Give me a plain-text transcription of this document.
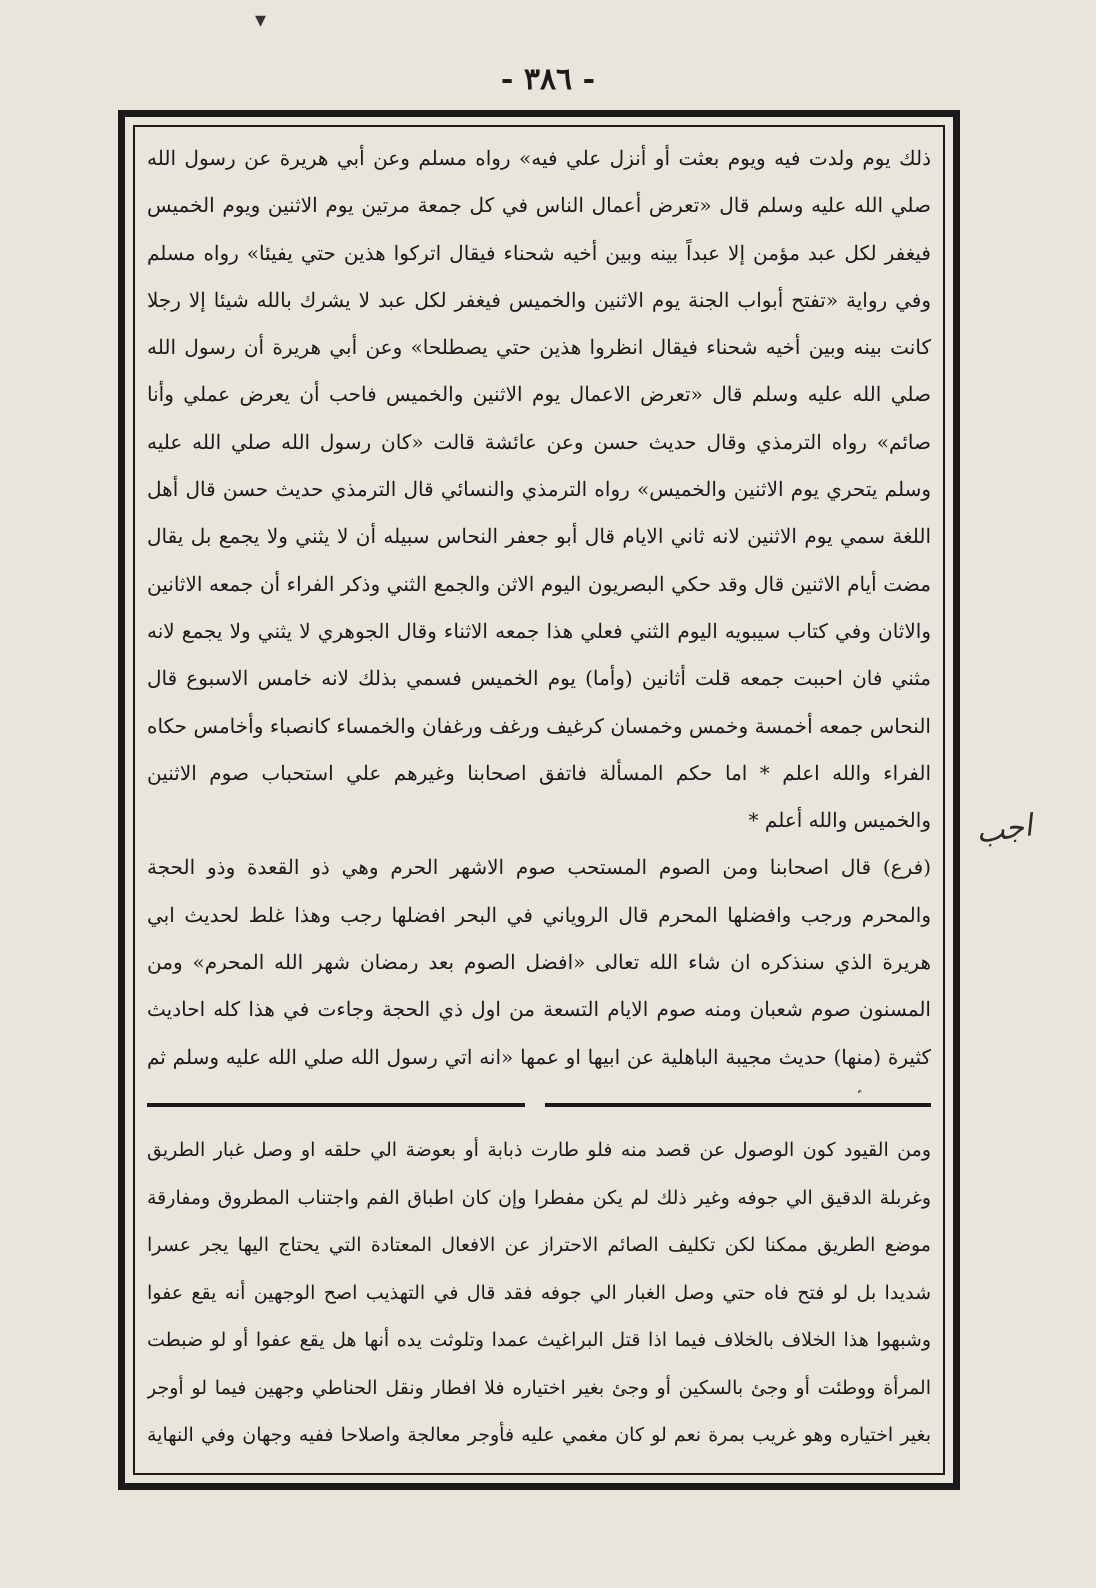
▾
- ٣٨٦ -

ذلك يوم ولدت فيه ويوم بعثت أو أنزل علي فيه» رواه مسلم وعن أبي هريرة عن رسول الله صلي الله عليه وسلم قال «تعرض أعمال الناس في كل جمعة مرتين يوم الاثنين ويوم الخميس فيغفر لكل عبد مؤمن إلا عبداً بينه وبين أخيه شحناء فيقال اتركوا هذين حتي يفيئا» رواه مسلم وفي رواية «تفتح أبواب الجنة يوم الاثنين والخميس فيغفر لكل عبد لا يشرك بالله شيئا إلا رجلا كانت بينه وبين أخيه شحناء فيقال انظروا هذين حتي يصطلحا» وعن أبي هريرة أن رسول الله صلي الله عليه وسلم قال «تعرض الاعمال يوم الاثنين والخميس فاحب أن يعرض عملي وأنا صائم» رواه الترمذي وقال حديث حسن وعن عائشة قالت «كان رسول الله صلي الله عليه وسلم يتحري يوم الاثنين والخميس» رواه الترمذي والنسائي قال الترمذي حديث حسن قال أهل اللغة سمي يوم الاثنين لانه ثاني الايام قال أبو جعفر النحاس سبيله أن لا يثني ولا يجمع بل يقال مضت أيام الاثنين قال وقد حكي البصريون اليوم الاثن والجمع الثني وذكر الفراء أن جمعه الاثانين والاثان وفي كتاب سيبويه اليوم الثني فعلي هذا جمعه الاثناء وقال الجوهري لا يثني ولا يجمع لانه مثني فان احببت جمعه قلت أثانين (وأما) يوم الخميس فسمي بذلك لانه خامس الاسبوع قال النحاس جمعه أخمسة وخمس وخمسان كرغيف ورغف ورغفان والخمساء كانصباء وأخامس حكاه الفراء والله اعلم * اما حكم المسألة فاتفق اصحابنا وغيرهم علي استحباب صوم الاثنين والخميس والله أعلم *

(فرع) قال اصحابنا ومن الصوم المستحب صوم الاشهر الحرم وهي ذو القعدة وذو الحجة والمحرم ورجب وافضلها المحرم قال الروياني في البحر افضلها رجب وهذا غلط لحديث ابي هريرة الذي سنذكره ان شاء الله تعالى «افضل الصوم بعد رمضان شهر الله المحرم» ومن المسنون صوم شعبان ومنه صوم الايام التسعة من اول ذي الحجة وجاءت في هذا كله احاديث كثيرة (منها) حديث مجيبة الباهلية عن ابيها او عمها «انه اتي رسول الله صلي الله عليه وسلم ثم

ومن القيود كون الوصول عن قصد منه فلو طارت ذبابة أو بعوضة الي حلقه او وصل غبار الطريق وغربلة الدقيق الي جوفه وغير ذلك لم يكن مفطرا وإن كان اطباق الفم واجتناب المطروق ومفارقة موضع الطريق ممكنا لكن تكليف الصائم الاحتراز عن الافعال المعتادة التي يحتاج اليها يجر عسرا شديدا بل لو فتح فاه حتي وصل الغبار الي جوفه فقد قال في التهذيب اصح الوجهين أنه يقع عفوا وشبهوا هذا الخلاف بالخلاف فيما اذا قتل البراغيث عمدا وتلوثت يده أنها هل يقع عفوا أو لو ضبطت المرأة ووطئت أو وجئ بالسكين أو وجئ بغير اختياره فلا افطار ونقل الحناطي وجهين فيما لو أوجر بغير اختياره وهو غريب بمرة نعم لو كان مغمي عليه فأوجر معالجة واصلاحا ففيه وجهان وفي النهاية

اجب
